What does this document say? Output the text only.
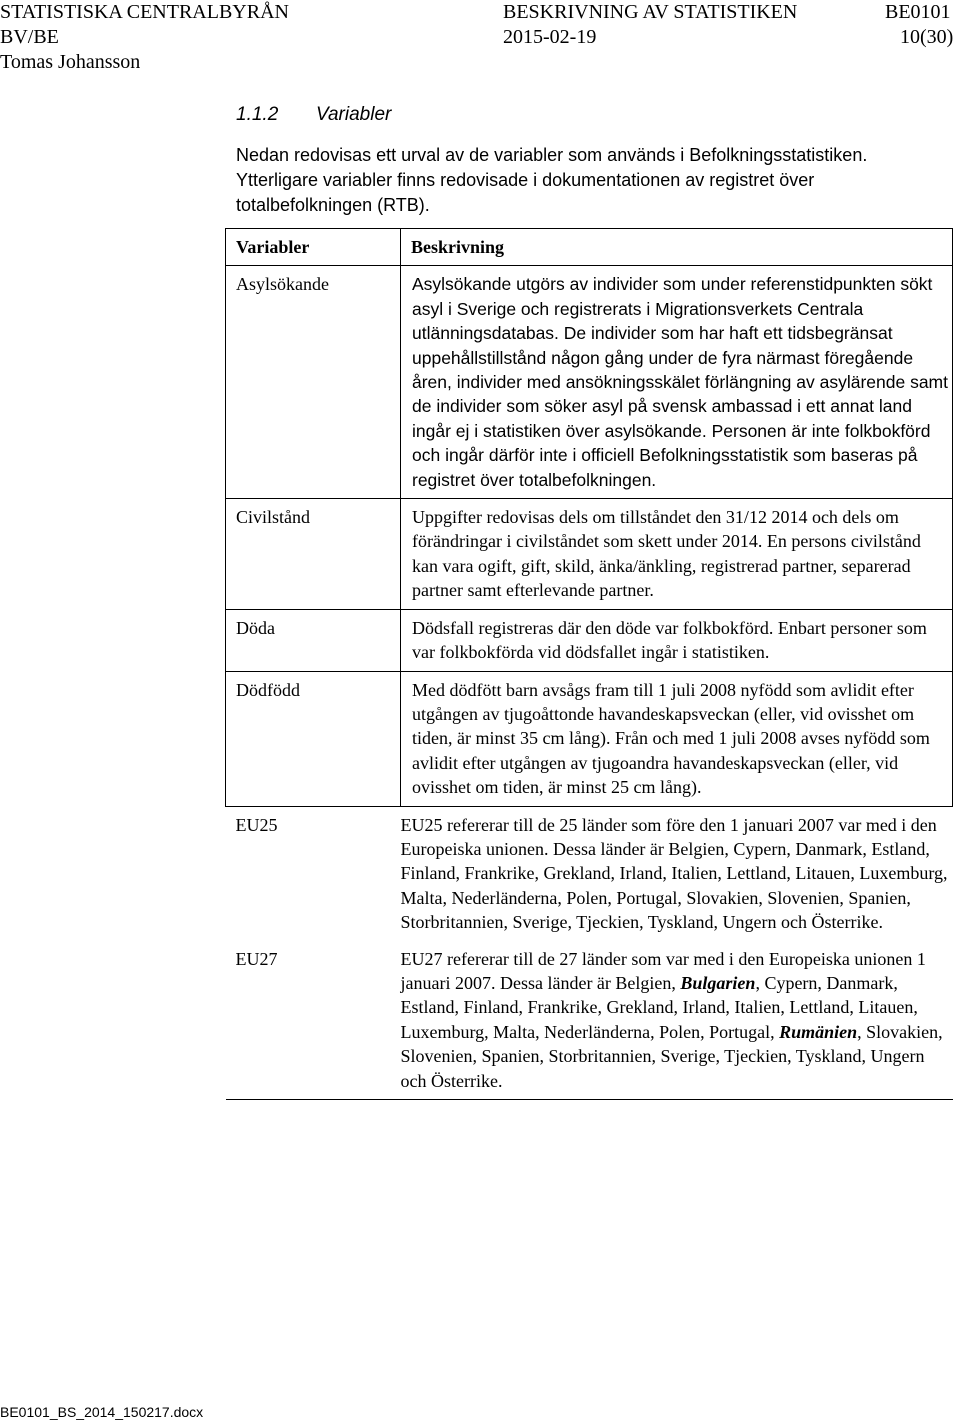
STATISTISKA CENTRALBYRÅN	BESKRIVNING AV STATISTIKEN	BE0101
BV/BE	2015-02-19	10(30)
Tomas Johansson
1.1.2 Variabler
Nedan redovisas ett urval av de variabler som används i Befolkningsstatistiken.
Ytterligare variabler finns redovisade i dokumentationen av registret över
totalbefolkningen (RTB).
Variabler	Beskrivning
Asylsökande	Asylsökande utgörs av individer som under referenstidpunkten sökt asyl i Sverige och registrerats i Migrationsverkets Centrala utlänningsdatabas. De individer som har haft ett tidsbegränsat uppehållstillstånd någon gång under de fyra närmast föregående åren, individer med ansökningsskälet förlängning av asylärende samt de individer som söker asyl på svensk ambassad i ett annat land ingår ej i statistiken över asylsökande. Personen är inte folkbokförd och ingår därför inte i officiell Befolkningsstatistik som baseras på registret över totalbefolkningen.
Civilstånd	Uppgifter redovisas dels om tillståndet den 31/12 2014 och dels om förändringar i civilståndet som skett under 2014. En persons civilstånd kan vara ogift, gift, skild, änka/änkling, registrerad partner, separerad partner samt efterlevande partner.
Döda	Dödsfall registreras där den döde var folkbokförd. Enbart personer som var folkbokförda vid dödsfallet ingår i statistiken.
Dödfödd	Med dödfött barn avsågs fram till 1 juli 2008 nyfödd som avlidit efter utgången av tjugoåttonde havandeskapsveckan (eller, vid ovisshet om tiden, är minst 35 cm lång). Från och med 1 juli 2008 avses nyfödd som avlidit efter utgången av tjugoandra havandeskapsveckan (eller, vid ovisshet om tiden, är minst 25 cm lång).
EU25	EU25 refererar till de 25 länder som före den 1 januari 2007 var med i den Europeiska unionen. Dessa länder är Belgien, Cypern, Danmark, Estland, Finland, Frankrike, Grekland, Irland, Italien, Lettland, Litauen, Luxemburg, Malta, Nederländerna, Polen, Portugal, Slovakien, Slovenien, Spanien, Storbritannien, Sverige, Tjeckien, Tyskland, Ungern och Österrike.
EU27	EU27 refererar till de 27 länder som var med i den Europeiska unionen 1 januari 2007. Dessa länder är Belgien, Bulgarien, Cypern, Danmark, Estland, Finland, Frankrike, Grekland, Irland, Italien, Lettland, Litauen, Luxemburg, Malta, Nederländerna, Polen, Portugal, Rumänien, Slovakien, Slovenien, Spanien, Storbritannien, Sverige, Tjeckien, Tyskland, Ungern och Österrike.
BE0101_BS_2014_150217.docx
